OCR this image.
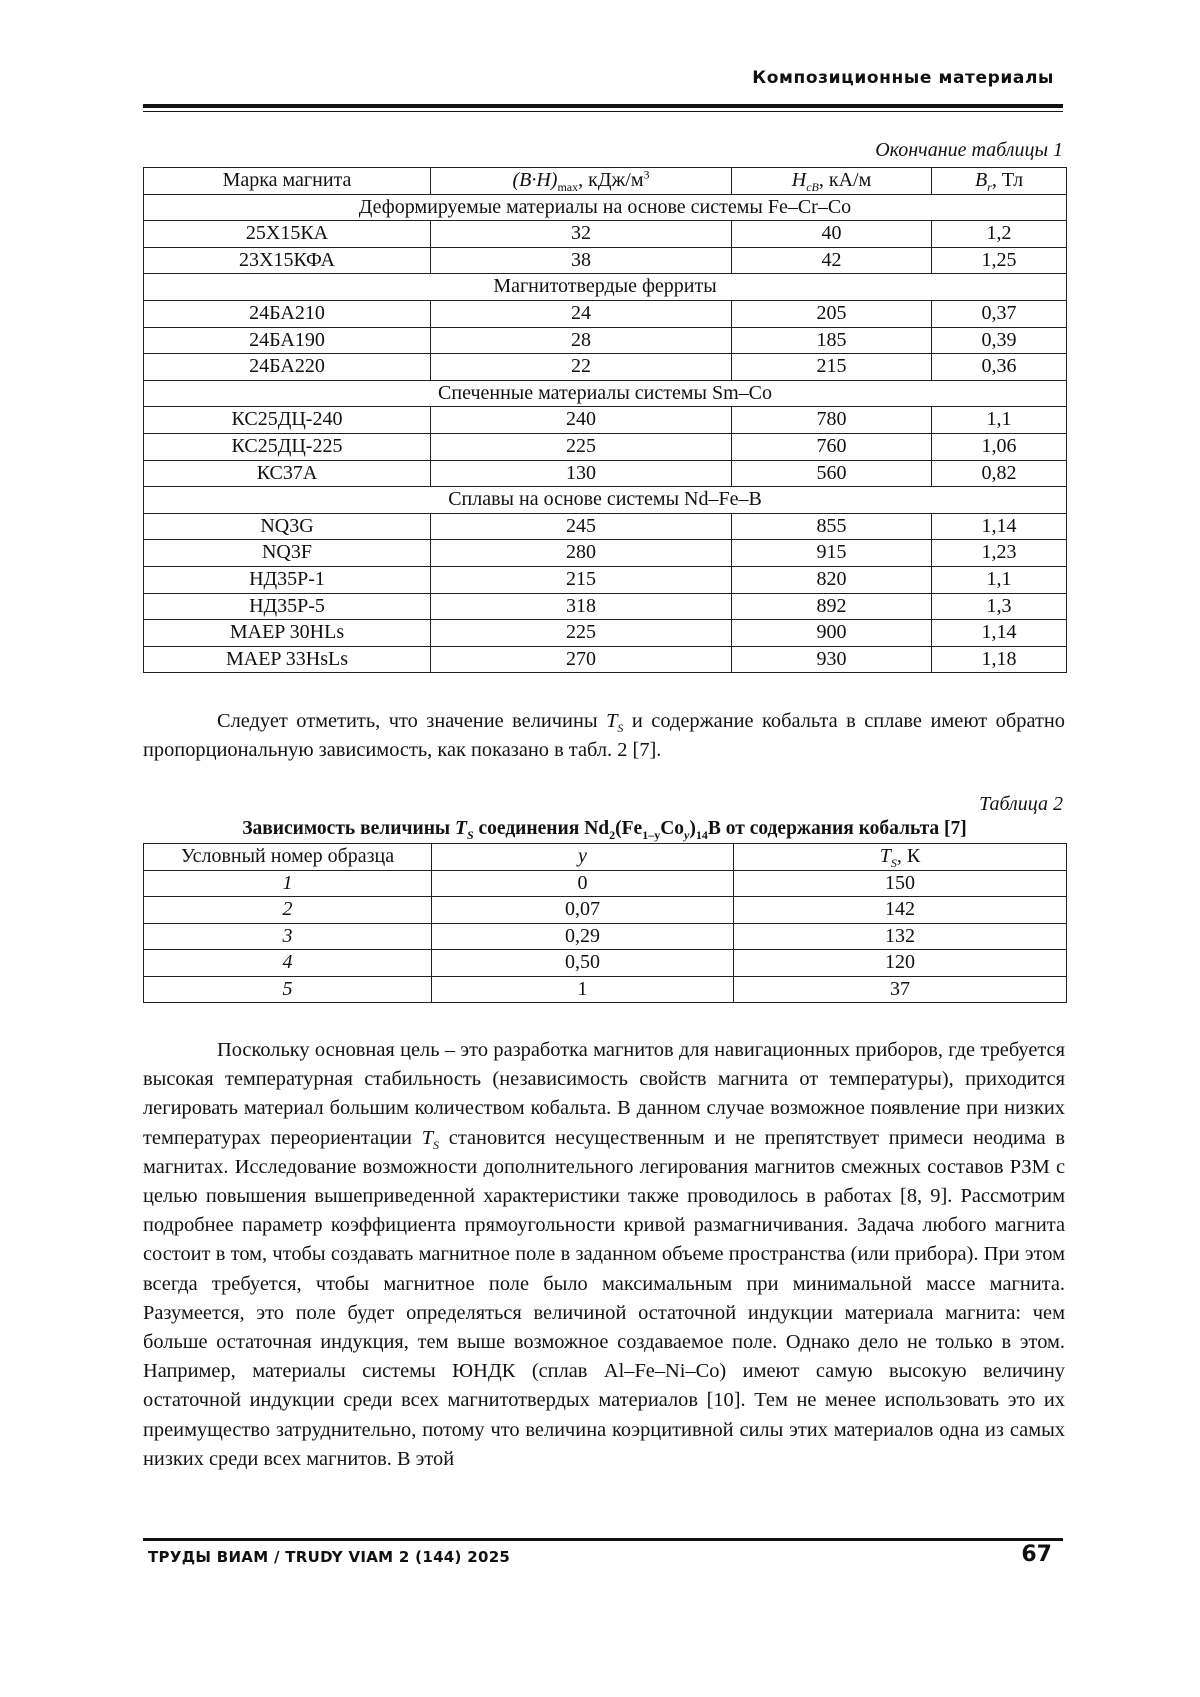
Композиционные материалы
Окончание таблицы 1
Марка магнита	$(B\cdot H)_{max}$, кДж/$м^3$	$H_{cB}$, кА/м	$B_r$, Тл
Деформируемые материалы на основе системы Fe–Cr–Co			
25Х15КА	32	40	1,2
23Х15КФА	38	42	1,25
Магнитотвердые ферриты			
24БА210	24	205	0,37
24БА190	28	185	0,39
24БА220	22	215	0,36
Спеченные материалы системы Sm–Co			
КС25ДЦ-240	240	780	1,1
КС25ДЦ-225	225	760	1,06
КС37А	130	560	0,82
Сплавы на основе системы Nd–Fe–B			
NQ3G	245	855	1,14
NQ3F	280	915	1,23
НД35Р-1	215	820	1,1
НД35Р-5	318	892	1,3
MAEP 30HLs	225	900	1,14
MAEP 33HsLs	270	930	1,18

Следует отметить, что значение величины $T_S$ и содержание кобальта в сплаве имеют обратно пропорциональную зависимость, как показано в табл. 2 [7].

Таблица 2
Зависимость величины $T_S$ соединения $Nd_2(Fe_{1-y}Co_y)_{14}B$ от содержания кобальта [7]
Условный номер образца	y	$T_S$, К
1	0	150
2	0,07	142
3	0,29	132
4	0,50	120
5	1	37

Поскольку основная цель – это разработка магнитов для навигационных приборов, где требуется высокая температурная стабильность (независимость свойств магнита от температуры), приходится легировать материал большим количеством кобальта. В данном случае возможное появление при низких температурах переориентации $T_S$ становится несущественным и не препятствует примеси неодима в магнитах. Исследование возможности дополнительного легирования магнитов смежных составов РЗМ с целью повышения вышеприведенной характеристики также проводилось в работах [8, 9]. Рассмотрим подробнее параметр коэффициента прямоугольности кривой размагничивания. Задача любого магнита состоит в том, чтобы создавать магнитное поле в заданном объеме пространства (или прибора). При этом всегда требуется, чтобы магнитное поле было максимальным при минимальной массе магнита. Разумеется, это поле будет определяться величиной остаточной индукции материала магнита: чем больше остаточная индукция, тем выше возможное создаваемое поле. Однако дело не только в этом. Например, материалы системы ЮНДК (сплав Al–Fe–Ni–Co) имеют самую высокую величину остаточной индукции среди всех магнитотвердых материалов [10]. Тем не менее использовать это их преимущество затруднительно, потому что величина коэрцитивной силы этих материалов одна из самых низких среди всех магнитов. В этой

ТРУДЫ ВИАМ / TRUDY VIAM 2 (144) 2025	67
